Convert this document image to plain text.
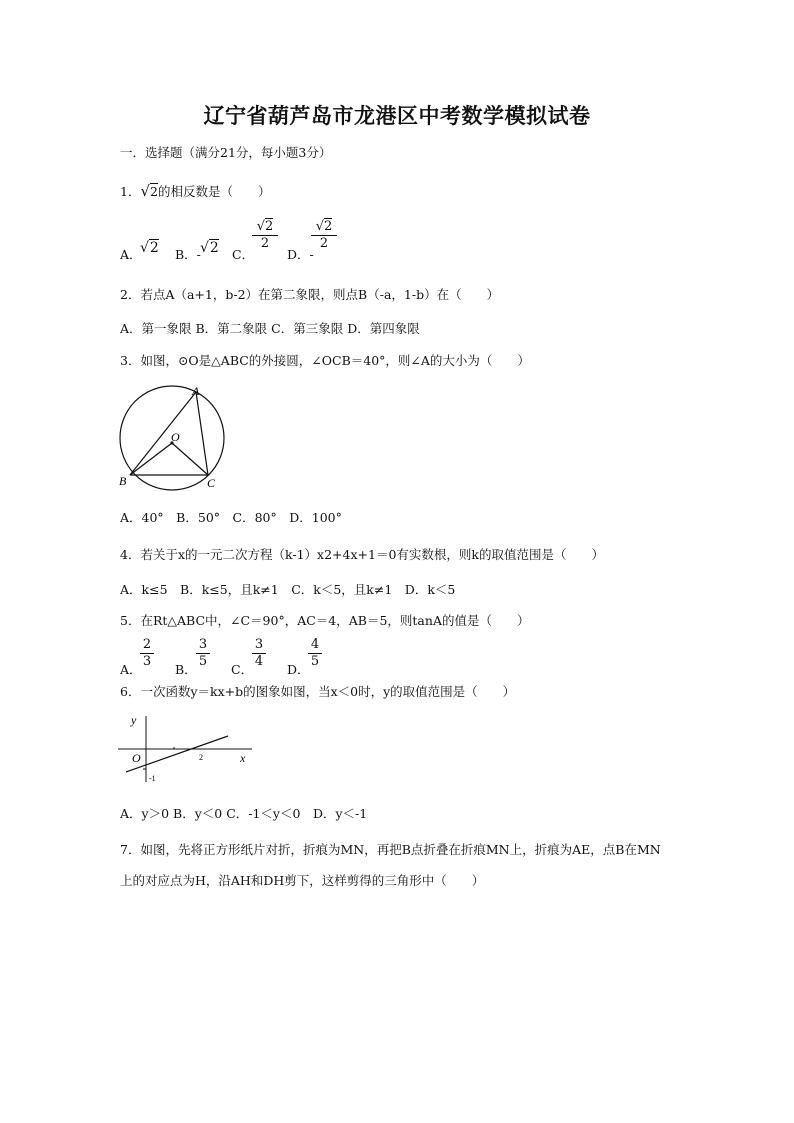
辽宁省葫芦岛市龙港区中考数学模拟试卷
一．选择题（满分21分，每小题3分）
1．√2的相反数是（　　）
A．
√2 B．- √2 C．
√2
2
D．-
√2
2
2．若点A（a+1，b-2）在第二象限，则点B（-a，1-b）在（　　）
A．第一象限 B．第二象限 C．第三象限 D．第四象限
3．如图，⊙O是△ABC的外接圆，∠OCB＝40°，则∠A的大小为（　　）
A
O
B	C
A．40°　B．50°　C．80°　D．100°
4．若关于x的一元二次方程（k-1）x2+4x+1＝0有实数根，则k的取值范围是（　　）
A．k≤5　B．k≤5，且k≠1　C．k＜5，且k≠1　D．k＜5
5．在Rt△ABC中，∠C＝90°，AC＝4，AB＝5，则tanA的值是（　　）
A．
2
3
B．
3
5
C．
3
4
D．
4
5
6．一次函数y＝kx+b的图象如图，当x＜0时，y的取值范围是（　　）
y
x
O	2
-1
A．y＞0 B．y＜0 C．-1＜y＜0　D．y＜-1
7．如图，先将正方形纸片对折，折痕为MN，再把B点折叠在折痕MN上，折痕为AE，点B在MN
上的对应点为H，沿AH和DH剪下，这样剪得的三角形中（　　）
